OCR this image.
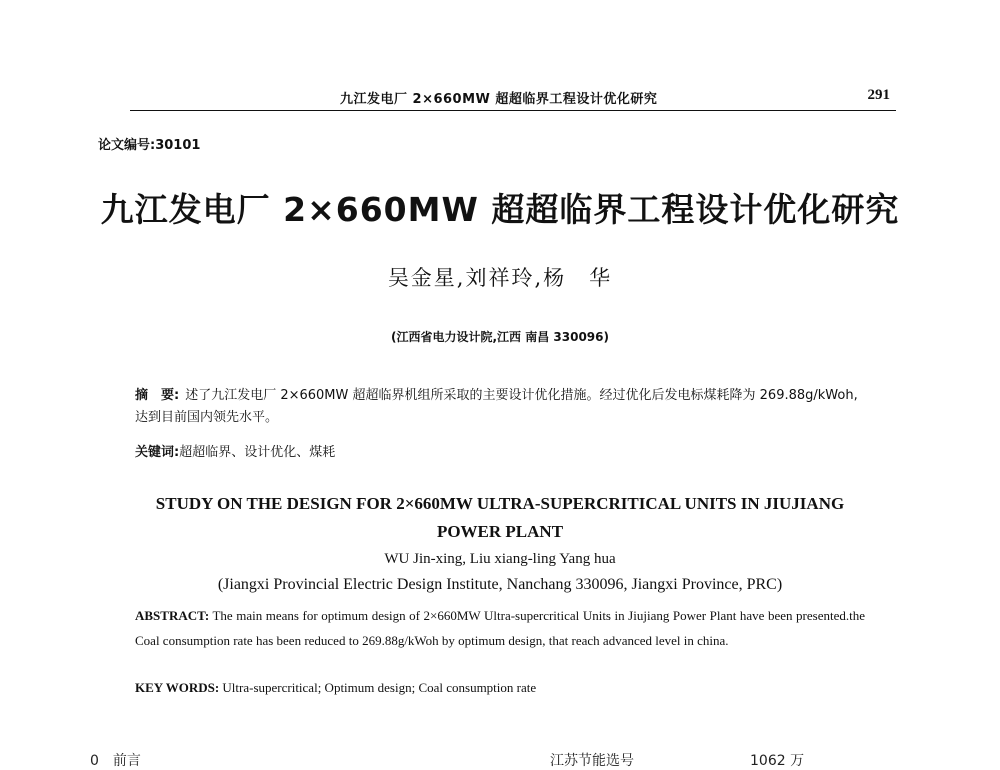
九江发电厂 2×660MW 超超临界工程设计优化研究	291
论文编号:30101
九江发电厂 2×660MW 超超临界工程设计优化研究
吴金星,刘祥玲,杨　华
(江西省电力设计院,江西 南昌 330096)
摘　要: 述了九江发电厂 2×660MW 超超临界机组所采取的主要设计优化措施。经过优化后发电标煤耗降为 269.88g/kWoh,达到目前国内领先水平。
关键词:超超临界、设计优化、煤耗
STUDY ON THE DESIGN FOR 2×660MW ULTRA-SUPERCRITICAL UNITS IN JIUJIANG
POWER PLANT
WU Jin-xing, Liu xiang-ling Yang hua
(Jiangxi Provincial Electric Design Institute, Nanchang 330096, Jiangxi Province, PRC)
ABSTRACT: The main means for optimum design of 2×660MW Ultra-supercritical Units in Jiujiang Power Plant have been presented.the Coal consumption rate has been reduced to 269.88g/kWoh by optimum design, that reach advanced level in china.
KEY WORDS: Ultra-supercritical; Optimum design; Coal consumption rate
0　前言	江苏节能选号	1062 万
